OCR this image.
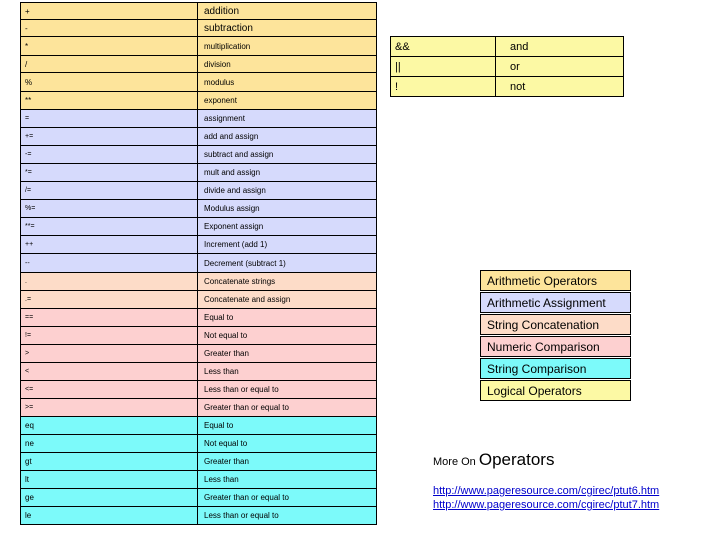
+	addition
-	subtraction
*	multiplication
/	division
%	modulus
**	exponent
=	assignment
+=	add and assign
-=	subtract and assign
*=	mult and assign
/=	divide and assign
%=	Modulus assign
**=	Exponent assign
++	Increment (add 1)
--	Decrement (subtract 1)
.	Concatenate strings
.=	Concatenate and assign
==	Equal to
!=	Not equal to
>	Greater than
<	Less than
<=	Less than or equal to
>=	Greater than or equal to
eq	Equal to
ne	Not equal to
gt	Greater than
lt	Less than
ge	Greater than or equal to
le	Less than or equal to
&&	and
||	or
!	not
Arithmetic Operators
Arithmetic Assignment
String Concatenation
Numeric Comparison
String Comparison
Logical Operators
More On Operators
http://www.pageresource.com/cgirec/ptut6.htm
http://www.pageresource.com/cgirec/ptut7.htm
